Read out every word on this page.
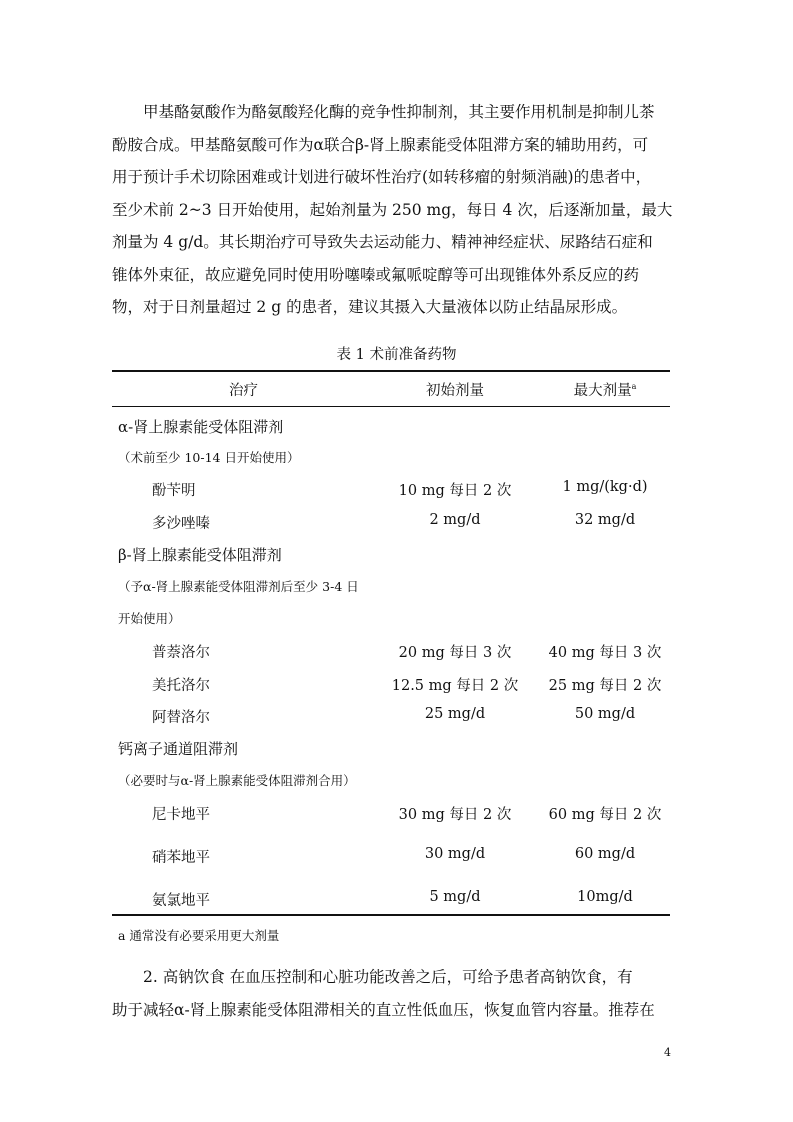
甲基酪氨酸作为酪氨酸羟化酶的竞争性抑制剂，其主要作用机制是抑制儿茶
酚胺合成。甲基酪氨酸可作为α联合β-肾上腺素能受体阻滞方案的辅助用药，可
用于预计手术切除困难或计划进行破坏性治疗(如转移瘤的射频消融)的患者中，
至少术前 2~3 日开始使用，起始剂量为 250 mg，每日 4 次，后逐渐加量，最大
剂量为 4 g/d。其长期治疗可导致失去运动能力、精神神经症状、尿路结石症和
锥体外束征，故应避免同时使用吩噻嗪或氟哌啶醇等可出现锥体外系反应的药
物，对于日剂量超过 2 g 的患者，建议其摄入大量液体以防止结晶尿形成。

表 1 术前准备药物
治疗	初始剂量	最大剂量$^a$
α-肾上腺素能受体阻滞剂
（术前至少 10-14 日开始使用）
酚苄明	10 mg 每日 2 次	1 mg/(kg·d)
多沙唑嗪	2 mg/d	32 mg/d
β-肾上腺素能受体阻滞剂
（予α-肾上腺素能受体阻滞剂后至少 3-4 日
开始使用）
普萘洛尔	20 mg 每日 3 次	40 mg 每日 3 次
美托洛尔	12.5 mg 每日 2 次	25 mg 每日 2 次
阿替洛尔	25 mg/d	50 mg/d
钙离子通道阻滞剂
（必要时与α-肾上腺素能受体阻滞剂合用）
尼卡地平	30 mg 每日 2 次	60 mg 每日 2 次
硝苯地平	30 mg/d	60 mg/d
氨氯地平	5 mg/d	10mg/d
a 通常没有必要采用更大剂量

2. 高钠饮食 在血压控制和心脏功能改善之后，可给予患者高钠饮食，有
助于减轻α-肾上腺素能受体阻滞相关的直立性低血压，恢复血管内容量。推荐在

4
